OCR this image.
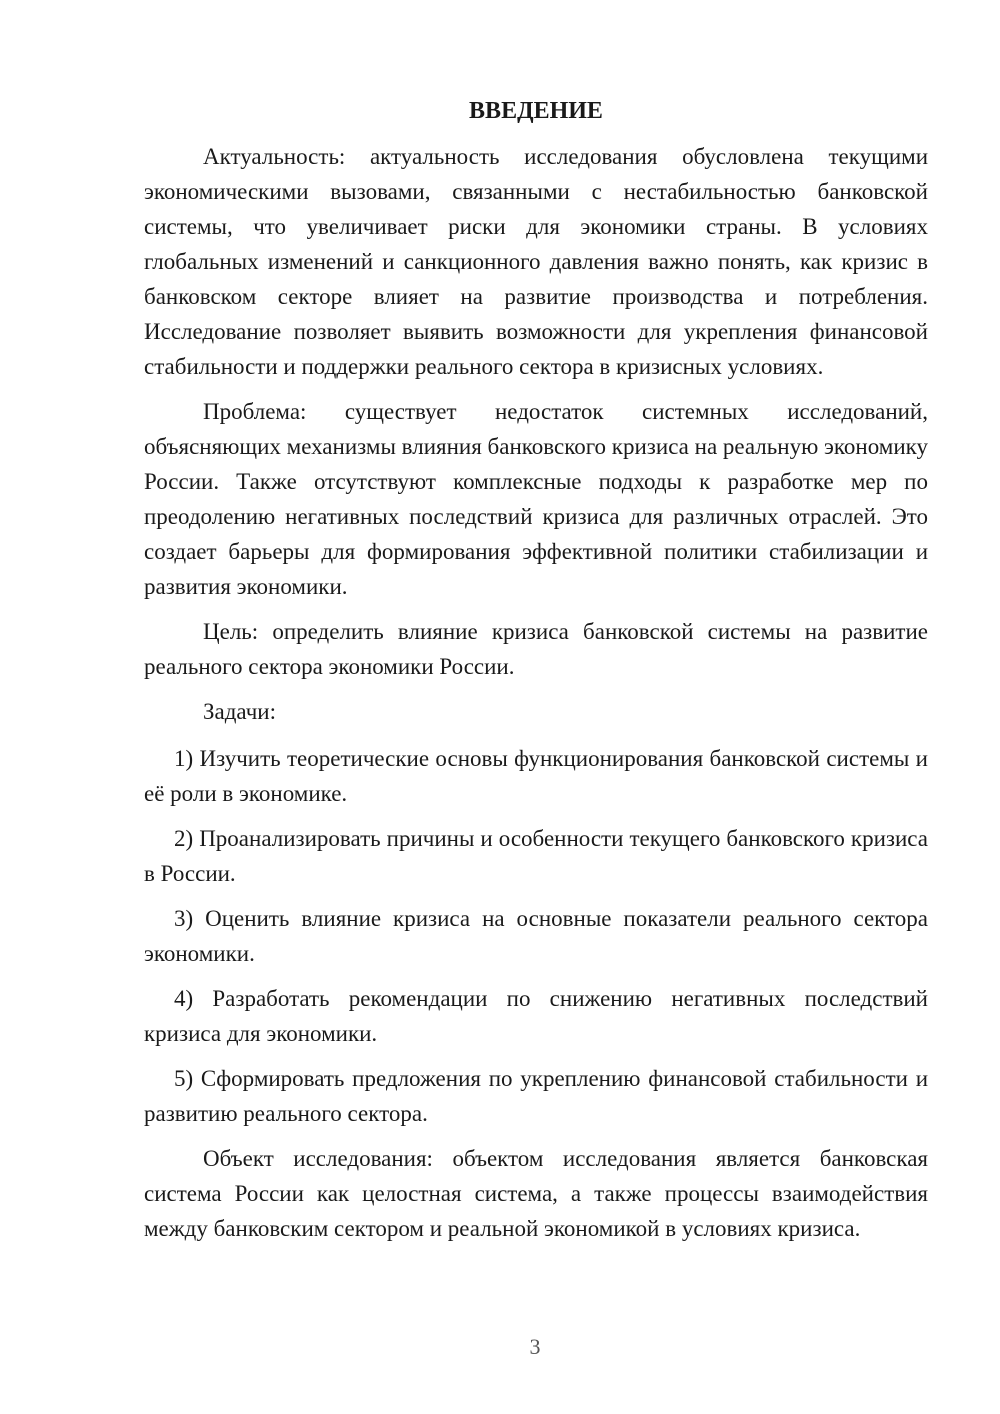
ВВЕДЕНИЕ

Актуальность: актуальность исследования обусловлена текущими экономическими вызовами, связанными с нестабильностью банковской системы, что увеличивает риски для экономики страны. В условиях глобальных изменений и санкционного давления важно понять, как кризис в банковском секторе влияет на развитие производства и потребления. Исследование позволяет выявить возможности для укрепления финансовой стабильности и поддержки реального сектора в кризисных условиях.

Проблема: существует недостаток системных исследований, объясняющих механизмы влияния банковского кризиса на реальную экономику России. Также отсутствуют комплексные подходы к разработке мер по преодолению негативных последствий кризиса для различных отраслей. Это создает барьеры для формирования эффективной политики стабилизации и развития экономики.

Цель: определить влияние кризиса банковской системы на развитие реального сектора экономики России.

Задачи:

1) Изучить теоретические основы функционирования банковской системы и её роли в экономике.

2) Проанализировать причины и особенности текущего банковского кризиса в России.

3) Оценить влияние кризиса на основные показатели реального сектора экономики.

4) Разработать рекомендации по снижению негативных последствий кризиса для экономики.

5) Сформировать предложения по укреплению финансовой стабильности и развитию реального сектора.

Объект исследования: объектом исследования является банковская система России как целостная система, а также процессы взаимодействия между банковским сектором и реальной экономикой в условиях кризиса.

3
